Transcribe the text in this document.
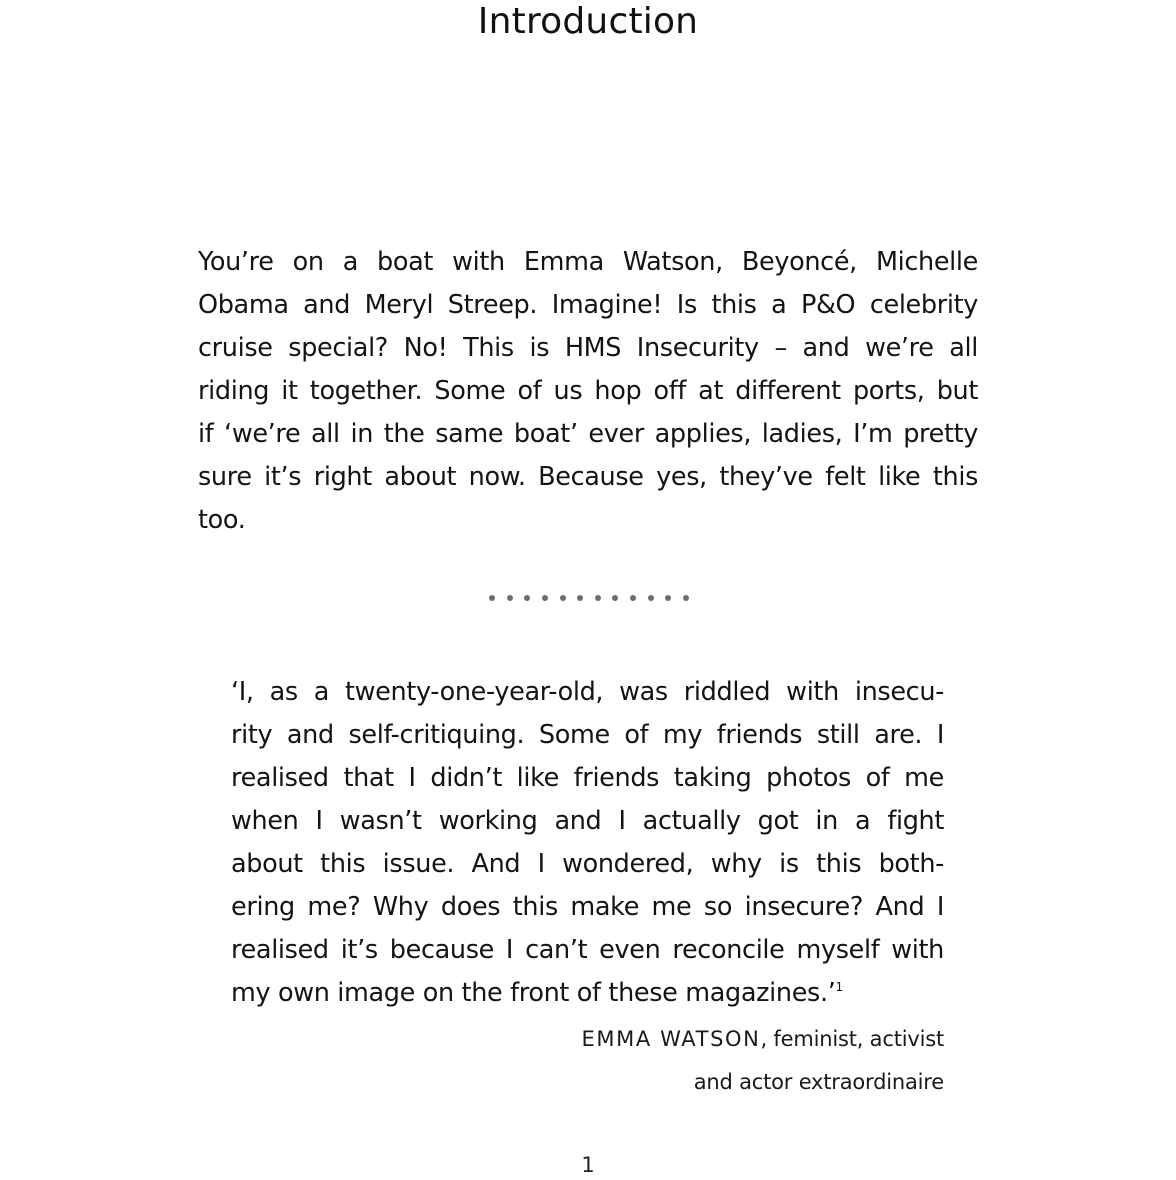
Introduction
You’re on a boat with Emma Watson, Beyoncé, Michelle
Obama and Meryl Streep. Imagine! Is this a P&O celebrity
cruise special? No! This is HMS Insecurity – and we’re all
riding it together. Some of us hop off at different ports, but
if ‘we’re all in the same boat’ ever applies, ladies, I’m pretty
sure it’s right about now. Because yes, they’ve felt like this
too.
‘I, as a twenty-one-year-old, was riddled with insecu-
rity and self-critiquing. Some of my friends still are. I
realised that I didn’t like friends taking photos of me
when I wasn’t working and I actually got in a fight
about this issue. And I wondered, why is this both-
ering me? Why does this make me so insecure? And I
realised it’s because I can’t even reconcile myself with
my own image on the front of these magazines.’$^1$
EMMA WATSON, feminist, activist
and actor extraordinaire
1
